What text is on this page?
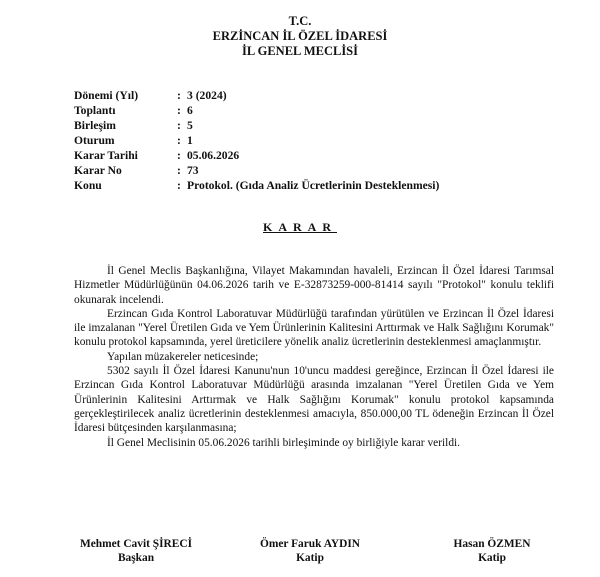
T.C.
ERZİNCAN İL ÖZEL İDARESİ
İL GENEL MECLİSİ
Dönemi (Yıl)	: 3 (2024)
Toplantı	: 6
Birleşim	: 5
Oturum	: 1
Karar Tarihi	: 05.06.2026
Karar No	: 73
Konu	: Protokol. (Gıda Analiz Ücretlerinin Desteklenmesi)
KARAR

İl Genel Meclis Başkanlığına, Vilayet Makamından havaleli, Erzincan İl Özel İdaresi Tarımsal Hizmetler Müdürlüğünün 04.06.2026 tarih ve E-32873259-000-81414 sayılı "Protokol" konulu teklifi okunarak incelendi.

Erzincan Gıda Kontrol Laboratuvar Müdürlüğü tarafından yürütülen ve Erzincan İl Özel İdaresi ile imzalanan "Yerel Üretilen Gıda ve Yem Ürünlerinin Kalitesini Arttırmak ve Halk Sağlığını Korumak" konulu protokol kapsamında, yerel üreticilere yönelik analiz ücretlerinin desteklenmesi amaçlanmıştır.

Yapılan müzakereler neticesinde;

5302 sayılı İl Özel İdaresi Kanunu'nun 10'uncu maddesi gereğince, Erzincan İl Özel İdaresi ile Erzincan Gıda Kontrol Laboratuvar Müdürlüğü arasında imzalanan "Yerel Üretilen Gıda ve Yem Ürünlerinin Kalitesini Arttırmak ve Halk Sağlığını Korumak" konulu protokol kapsamında gerçekleştirilecek analiz ücretlerinin desteklenmesi amacıyla, 850.000,00 TL ödeneğin Erzincan İl Özel İdaresi bütçesinden karşılanmasına;

İl Genel Meclisinin 05.06.2026 tarihli birleşiminde oy birliğiyle karar verildi.

Mehmet Cavit ŞİRECİ
Başkan
Ömer Faruk AYDIN
Katip
Hasan ÖZMEN
Katip
